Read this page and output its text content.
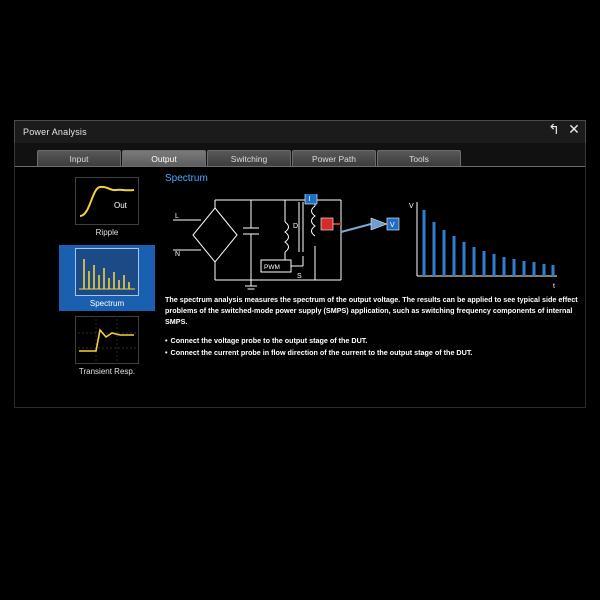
Power Analysis	↰ ✕
Input	Output	Switching	Power Path	Tools
Out
Ripple
Spectrum
Transient Resp.
Spectrum
I
V
L
N
D
S
PWM
V
t
The spectrum analysis measures the spectrum of the output voltage. The results can be applied to see typical side effect problems of the switched-mode power supply (SMPS) application, such as switching frequency components of internal SMPS.
• Connect the voltage probe to the output stage of the DUT.
• Connect the current probe in flow direction of the current to the output stage of the DUT.
